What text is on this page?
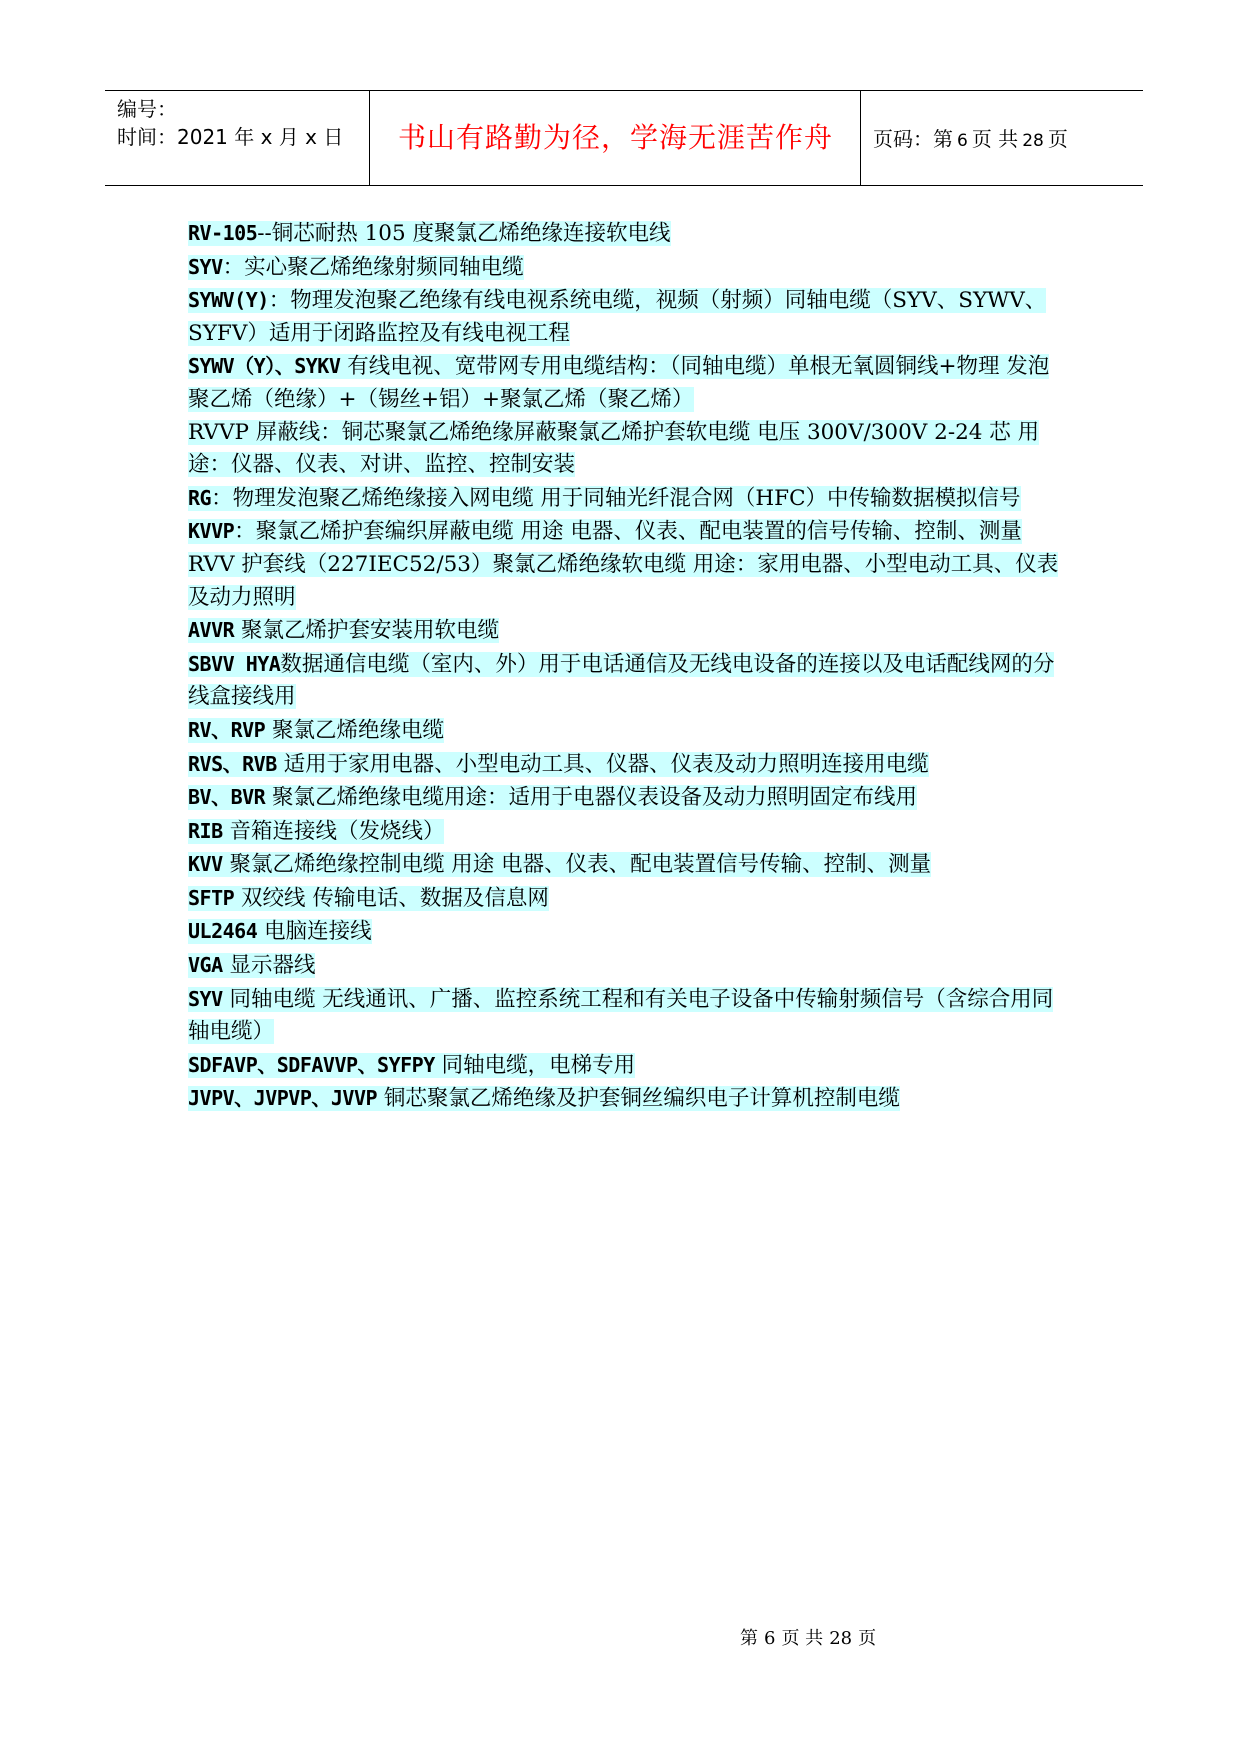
编号：
时间：2021 年 x 月 x 日	书山有路勤为径，学海无涯苦作舟	页码：第 6 页 共 28 页

RV-105--铜芯耐热 105 度聚氯乙烯绝缘连接软电线

SYV：实心聚乙烯绝缘射频同轴电缆

SYWV(Y)：物理发泡聚乙绝缘有线电视系统电缆，视频（射频）同轴电缆（SYV、SYWV、SYFV）适用于闭路监控及有线电视工程

SYWV（Y）、SYKV 有线电视、宽带网专用电缆结构：（同轴电缆）单根无氧圆铜线+物理 发泡聚乙烯（绝缘）+（锡丝+铝）+聚氯乙烯（聚乙烯）

RVVP 屏蔽线：铜芯聚氯乙烯绝缘屏蔽聚氯乙烯护套软电缆 电压 300V/300V 2-24 芯 用途：仪器、仪表、对讲、监控、控制安装

RG：物理发泡聚乙烯绝缘接入网电缆 用于同轴光纤混合网（HFC）中传输数据模拟信号

KVVP：聚氯乙烯护套编织屏蔽电缆 用途 电器、仪表、配电装置的信号传输、控制、测量

RVV 护套线（227IEC52/53）聚氯乙烯绝缘软电缆 用途：家用电器、小型电动工具、仪表及动力照明

AVVR 聚氯乙烯护套安装用软电缆

SBVV HYA数据通信电缆（室内、外）用于电话通信及无线电设备的连接以及电话配线网的分线盒接线用

RV、RVP 聚氯乙烯绝缘电缆

RVS、RVB 适用于家用电器、小型电动工具、仪器、仪表及动力照明连接用电缆

BV、BVR 聚氯乙烯绝缘电缆用途：适用于电器仪表设备及动力照明固定布线用

RIB 音箱连接线（发烧线）

KVV 聚氯乙烯绝缘控制电缆 用途 电器、仪表、配电装置信号传输、控制、测量

SFTP 双绞线 传输电话、数据及信息网

UL2464 电脑连接线

VGA 显示器线

SYV 同轴电缆 无线通讯、广播、监控系统工程和有关电子设备中传输射频信号（含综合用同轴电缆）

SDFAVP、SDFAVVP、SYFPY 同轴电缆，电梯专用

JVPV、JVPVP、JVVP 铜芯聚氯乙烯绝缘及护套铜丝编织电子计算机控制电缆

第 6 页 共 28 页
